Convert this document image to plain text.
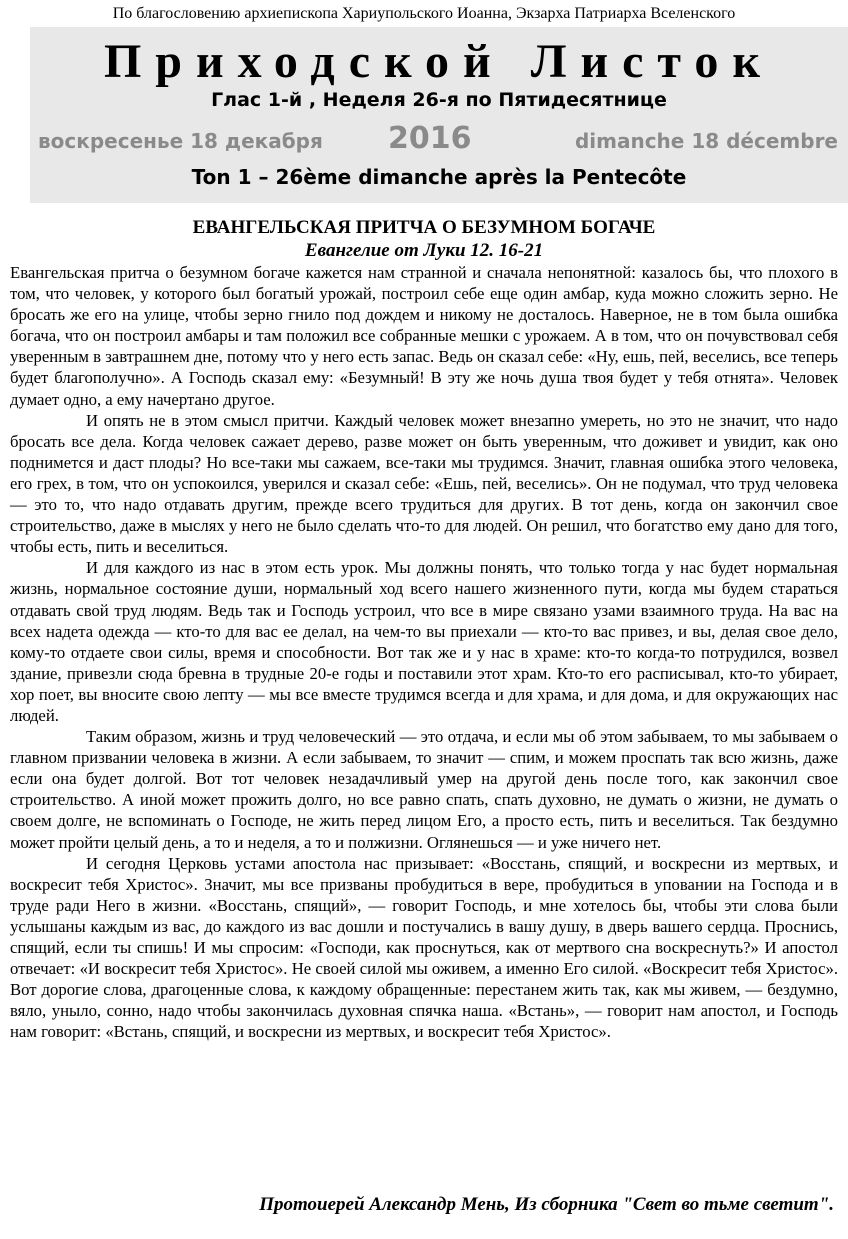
По благословению архиепископа Хариупольского Иоанна, Экзарха Патриарха Вселенского
Приходской Листок
Глас 1-й , Неделя 26-я по Пятидесятнице
воскресенье 18 декабря 2016	dimanche 18 décembre
Ton 1 – 26ème dimanche après la Pentecôte
ЕВАНГЕЛЬСКАЯ ПРИТЧА О БЕЗУМНОМ БОГАЧЕ
Евангелие от Луки 12. 16-21

Евангельская притча о безумном богаче кажется нам странной и сначала непонятной: казалось бы, что плохого в том, что человек, у которого был богатый урожай, построил себе еще один амбар, куда можно сложить зерно. Не бросать же его на улице, чтобы зерно гнило под дождем и никому не досталось. Наверное, не в том была ошибка богача, что он построил амбары и там положил все собранные мешки с урожаем. А в том, что он почувствовал себя уверенным в завтрашнем дне, потому что у него есть запас. Ведь он сказал себе: «Ну, ешь, пей, веселись, все теперь будет благополучно». А Господь сказал ему: «Безумный! В эту же ночь душа твоя будет у тебя отнята». Человек думает одно, а ему начертано другое.

И опять не в этом смысл притчи. Каждый человек может внезапно умереть, но это не значит, что надо бросать все дела. Когда человек сажает дерево, разве может он быть уверенным, что доживет и увидит, как оно поднимется и даст плоды? Но все-таки мы сажаем, все-таки мы трудимся. Значит, главная ошибка этого человека, его грех, в том, что он успокоился, уверился и сказал себе: «Ешь, пей, веселись». Он не подумал, что труд человека — это то, что надо отдавать другим, прежде всего трудиться для других. В тот день, когда он закончил свое строительство, даже в мыслях у него не было сделать что-то для людей. Он решил, что богатство ему дано для того, чтобы есть, пить и веселиться.

И для каждого из нас в этом есть урок. Мы должны понять, что только тогда у нас будет нормальная жизнь, нормальное состояние души, нормальный ход всего нашего жизненного пути, когда мы будем стараться отдавать свой труд людям. Ведь так и Господь устроил, что все в мире связано узами взаимного труда. На вас на всех надета одежда — кто-то для вас ее делал, на чем-то вы приехали — кто-то вас привез, и вы, делая свое дело, кому-то отдаете свои силы, время и способности. Вот так же и у нас в храме: кто-то когда-то потрудился, возвел здание, привезли сюда бревна в трудные 20-е годы и поставили этот храм. Кто-то его расписывал, кто-то убирает, хор поет, вы вносите свою лепту — мы все вместе трудимся всегда и для храма, и для дома, и для окружающих нас людей.

Таким образом, жизнь и труд человеческий — это отдача, и если мы об этом забываем, то мы забываем о главном призвании человека в жизни. А если забываем, то значит — спим, и можем проспать так всю жизнь, даже если она будет долгой. Вот тот человек незадачливый умер на другой день после того, как закончил свое строительство. А иной может прожить долго, но все равно спать, спать духовно, не думать о жизни, не думать о своем долге, не вспоминать о Господе, не жить перед лицом Его, а просто есть, пить и веселиться. Так бездумно может пройти целый день, а то и неделя, а то и полжизни. Оглянешься — и уже ничего нет.

И сегодня Церковь устами апостола нас призывает: «Восстань, спящий, и воскресни из мертвых, и воскресит тебя Христос». Значит, мы все призваны пробудиться в вере, пробудиться в уповании на Господа и в труде ради Него в жизни. «Восстань, спящий», — говорит Господь, и мне хотелось бы, чтобы эти слова были услышаны каждым из вас, до каждого из вас дошли и постучались в вашу душу, в дверь вашего сердца. Проснись, спящий, если ты спишь! И мы спросим: «Господи, как проснуться, как от мертвого сна воскреснуть?» И апостол отвечает: «И воскресит тебя Христос». Не своей силой мы оживем, а именно Его силой. «Воскресит тебя Христос». Вот дорогие слова, драгоценные слова, к каждому обращенные: перестанем жить так, как мы живем, — бездумно, вяло, уныло, сонно, надо чтобы закончилась духовная спячка наша. «Встань», — говорит нам апостол, и Господь нам говорит: «Встань, спящий, и воскресни из мертвых, и воскресит тебя Христос».

Протоиерей Александр Мень, Из сборника "Свет во тьме светит".
